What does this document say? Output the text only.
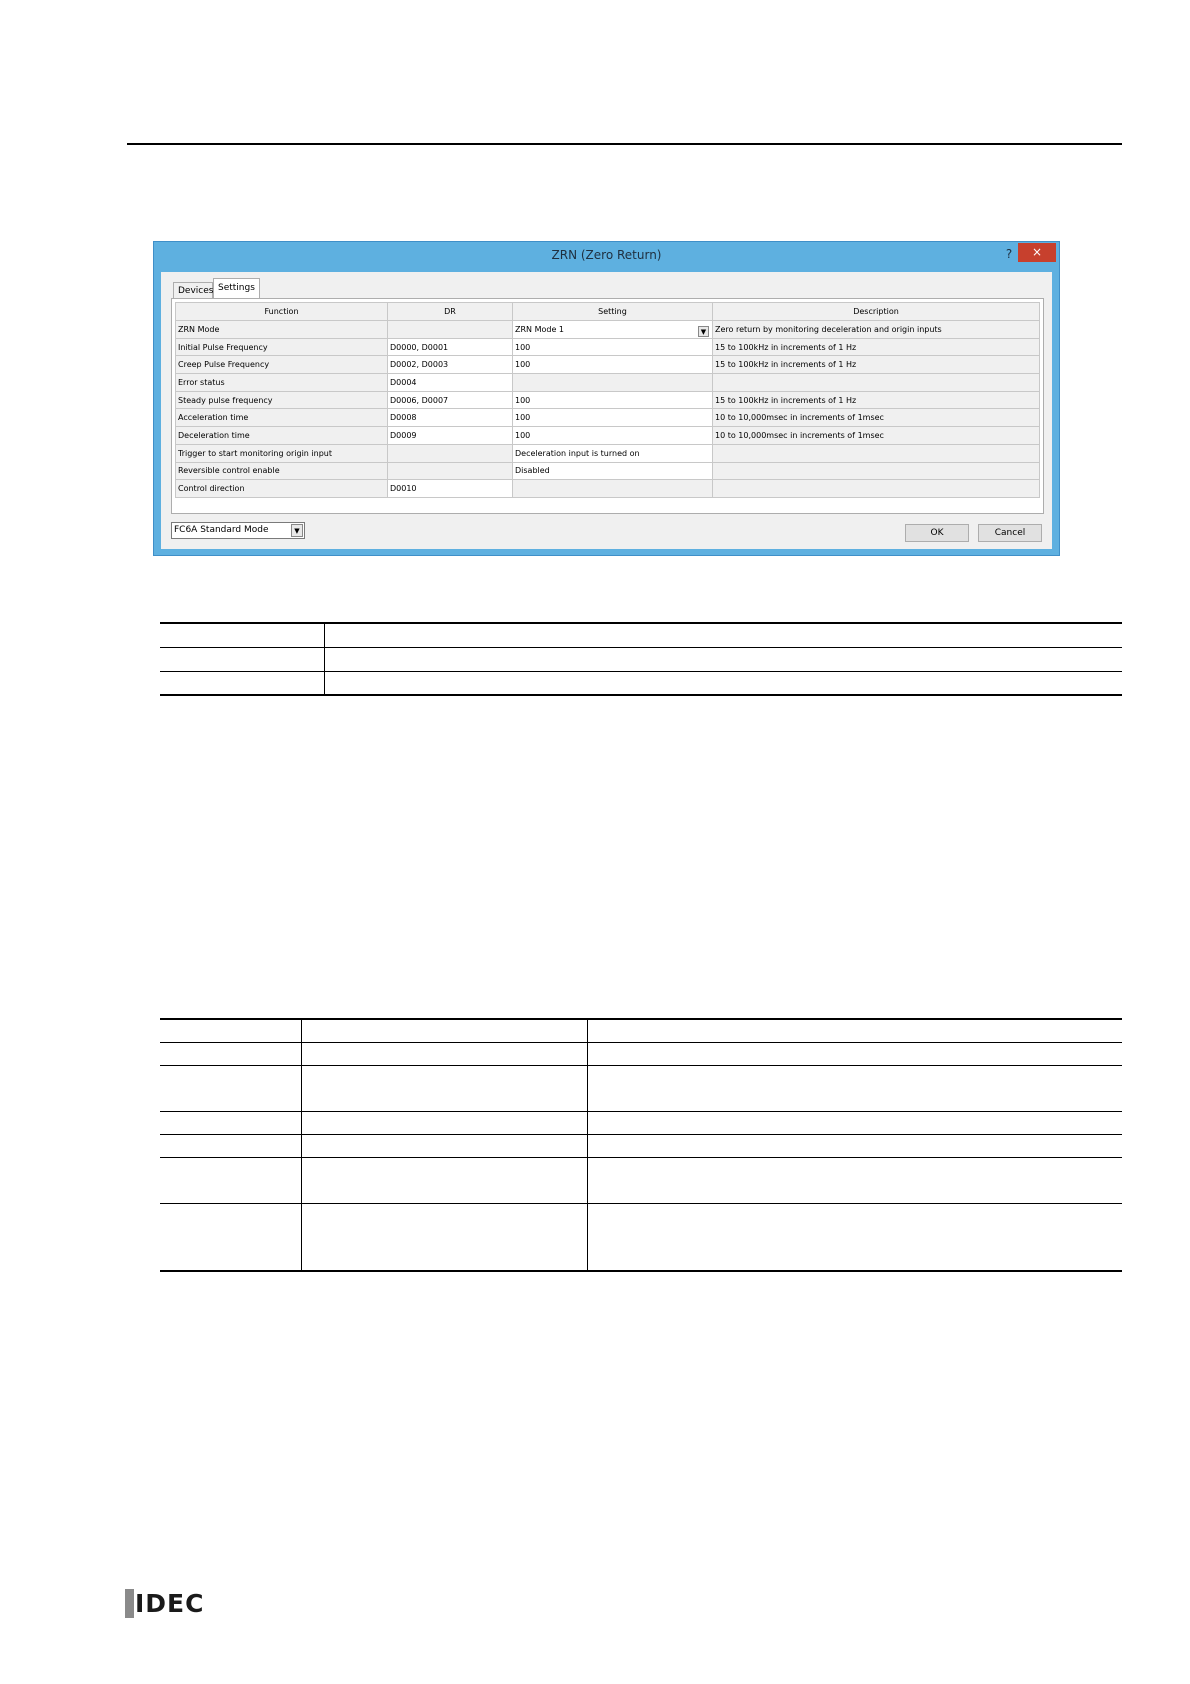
ZRN (Zero Return)	?	×
Devices Settings
Function	DR	Setting	Description
ZRN Mode		ZRN Mode 1 ▼	Zero return by monitoring deceleration and origin inputs
Initial Pulse Frequency	D0000, D0001	100	15 to 100kHz in increments of 1 Hz
Creep Pulse Frequency	D0002, D0003	100	15 to 100kHz in increments of 1 Hz
Error status	D0004		
Steady pulse frequency	D0006, D0007	100	15 to 100kHz in increments of 1 Hz
Acceleration time	D0008	100	10 to 10,000msec in increments of 1msec
Deceleration time	D0009	100	10 to 10,000msec in increments of 1msec
Trigger to start monitoring origin input		Deceleration input is turned on	
Reversible control enable		Disabled	
Control direction	D0010		
FC6A Standard Mode	▼	OK	Cancel

IDEC
